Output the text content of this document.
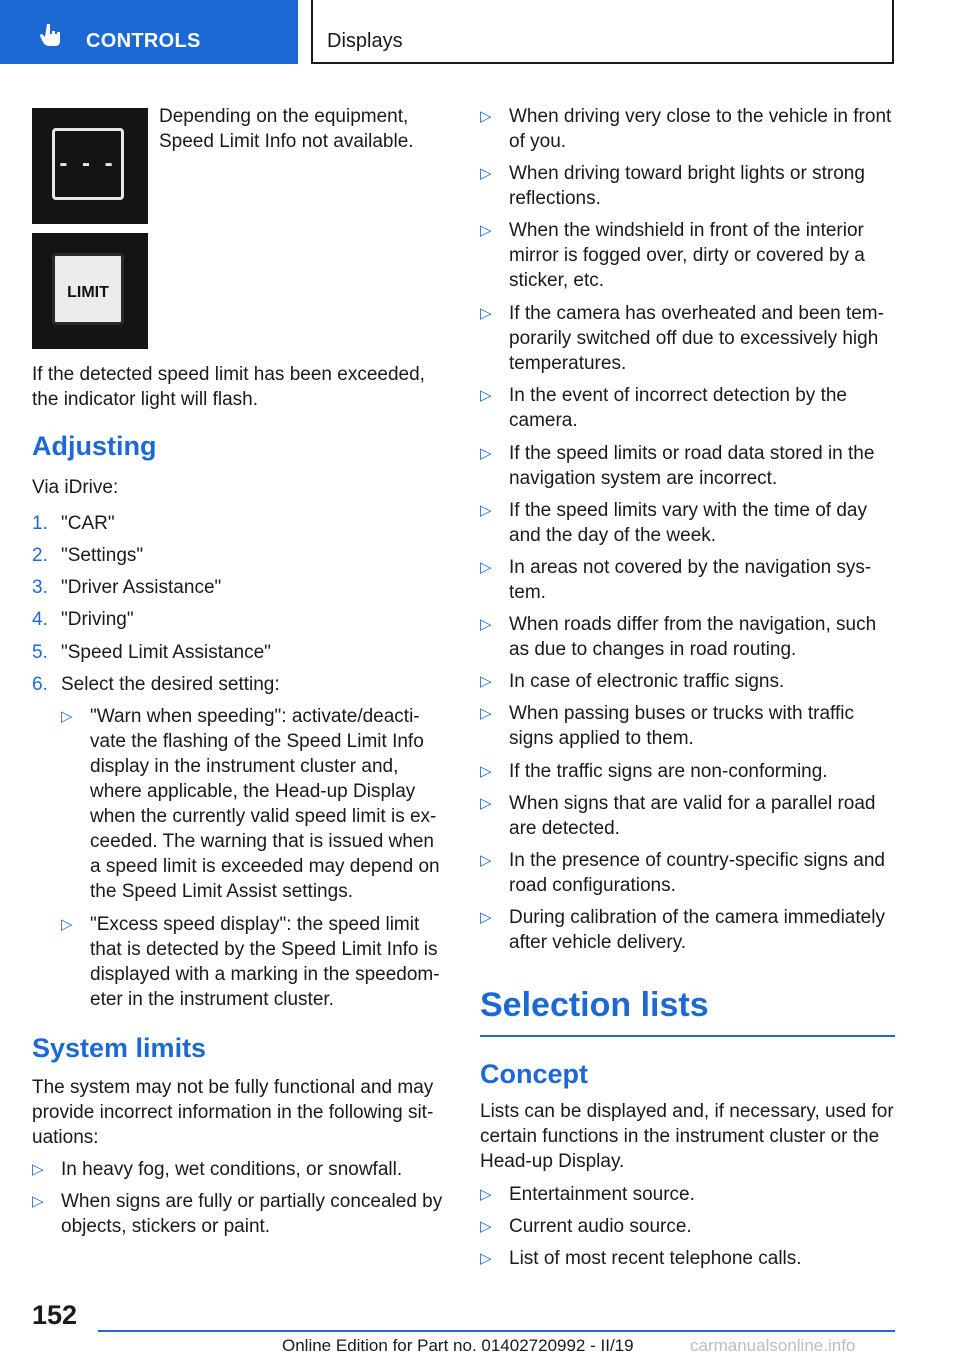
CONTROLS	Displays
- - -
LIMIT
Depending on the equipment,
Speed Limit Info not available.
If the detected speed limit has been exceeded,
the indicator light will flash.
Adjusting
Via iDrive:
1. "CAR"
2. "Settings"
3. "Driver Assistance"
4. "Driving"
5. "Speed Limit Assistance"
6. Select the desired setting:
▷ "Warn when speeding": activate/deacti-
vate the flashing of the Speed Limit Info
display in the instrument cluster and,
where applicable, the Head-up Display
when the currently valid speed limit is ex-
ceeded. The warning that is issued when
a speed limit is exceeded may depend on
the Speed Limit Assist settings.
▷ "Excess speed display": the speed limit
that is detected by the Speed Limit Info is
displayed with a marking in the speedom-
eter in the instrument cluster.
System limits
The system may not be fully functional and may
provide incorrect information in the following sit-
uations:
▷ In heavy fog, wet conditions, or snowfall.
▷ When signs are fully or partially concealed by
objects, stickers or paint.
▷ When driving very close to the vehicle in front
of you.
▷ When driving toward bright lights or strong
reflections.
▷ When the windshield in front of the interior
mirror is fogged over, dirty or covered by a
sticker, etc.
▷ If the camera has overheated and been tem-
porarily switched off due to excessively high
temperatures.
▷ In the event of incorrect detection by the
camera.
▷ If the speed limits or road data stored in the
navigation system are incorrect.
▷ If the speed limits vary with the time of day
and the day of the week.
▷ In areas not covered by the navigation sys-
tem.
▷ When roads differ from the navigation, such
as due to changes in road routing.
▷ In case of electronic traffic signs.
▷ When passing buses or trucks with traffic
signs applied to them.
▷ If the traffic signs are non-conforming.
▷ When signs that are valid for a parallel road
are detected.
▷ In the presence of country-specific signs and
road configurations.
▷ During calibration of the camera immediately
after vehicle delivery.
Selection lists
Concept
Lists can be displayed and, if necessary, used for
certain functions in the instrument cluster or the
Head-up Display.
▷ Entertainment source.
▷ Current audio source.
▷ List of most recent telephone calls.
152
Online Edition for Part no. 01402720992 - II/19	carmanualsonline.info
